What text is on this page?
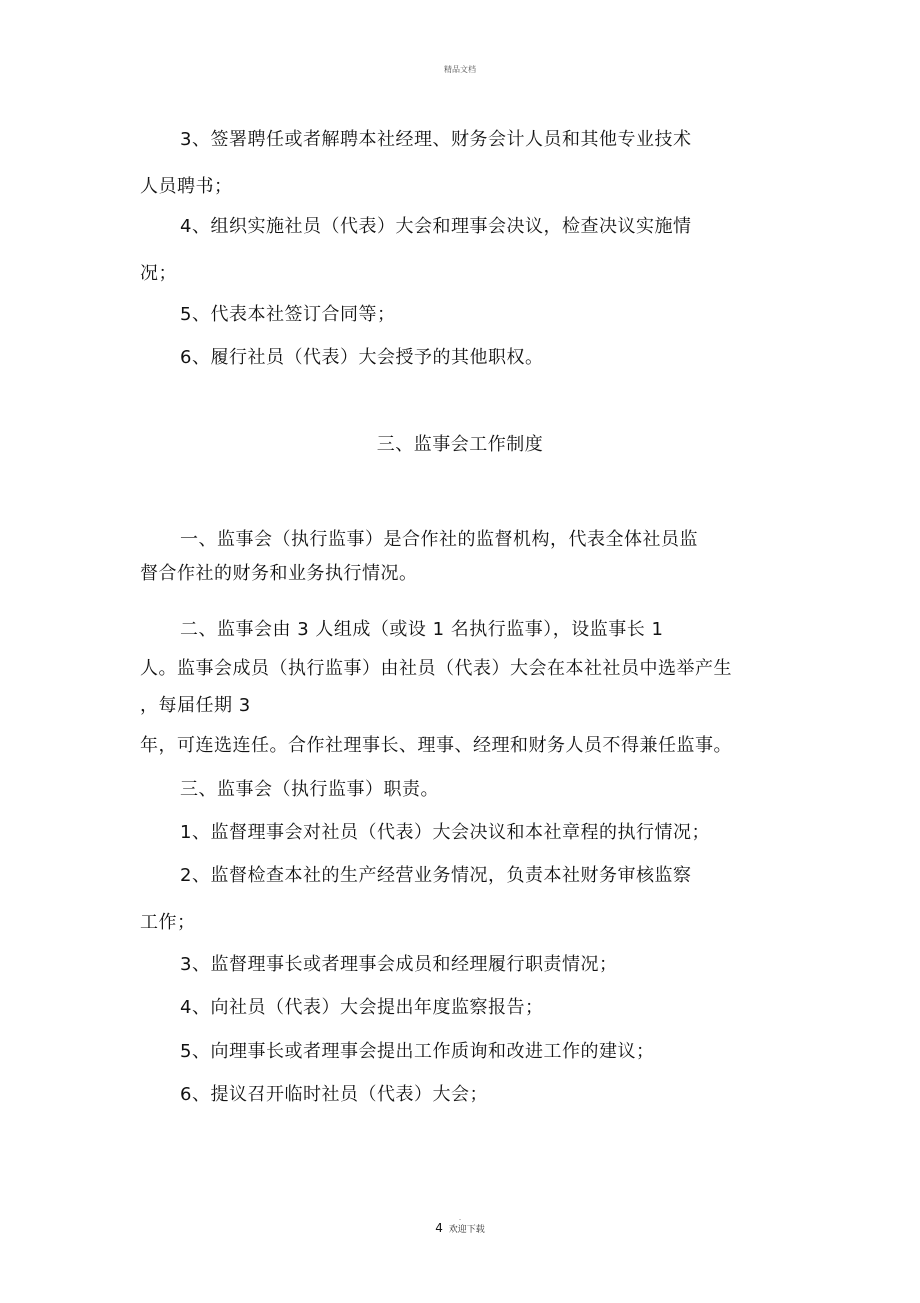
精品文档
3、签署聘任或者解聘本社经理、财务会计人员和其他专业技术
人员聘书；
4、组织实施社员（代表）大会和理事会决议，检查决议实施情
况；
5、代表本社签订合同等；
6、履行社员（代表）大会授予的其他职权。
三、监事会工作制度
一、监事会（执行监事）是合作社的监督机构，代表全体社员监
督合作社的财务和业务执行情况。
二、监事会由 3 人组成（或设 1 名执行监事），设监事长 1
人。监事会成员（执行监事）由社员（代表）大会在本社社员中选举产生
，每届任期 3
年，可连选连任。合作社理事长、理事、经理和财务人员不得兼任监事。
三、监事会（执行监事）职责。
1、监督理事会对社员（代表）大会决议和本社章程的执行情况；
2、监督检查本社的生产经营业务情况，负责本社财务审核监察
工作；
3、监督理事长或者理事会成员和经理履行职责情况；
4、向社员（代表）大会提出年度监察报告；
5、向理事长或者理事会提出工作质询和改进工作的建议；
6、提议召开临时社员（代表）大会；
.
4 欢迎下载
